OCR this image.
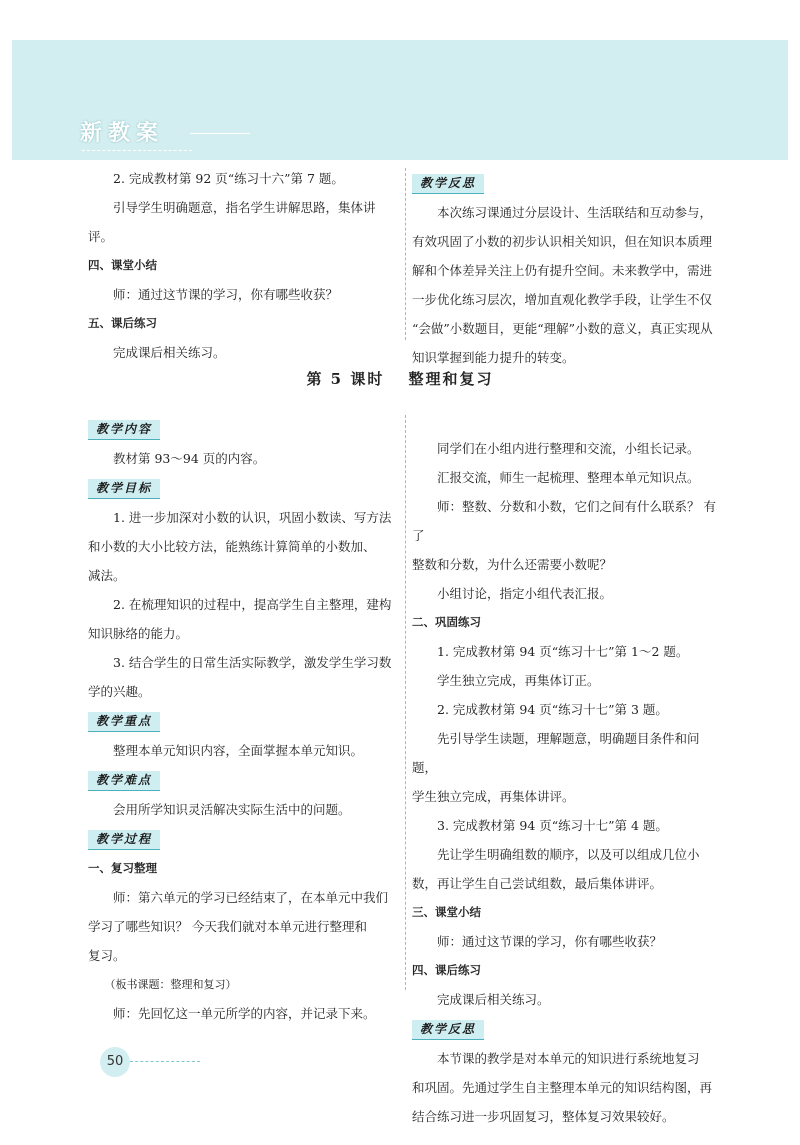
新教案

2. 完成教材第 92 页“练习十六”第 7 题。

引导学生明确题意，指名学生讲解思路，集体讲评。

四、课堂小结

师：通过这节课的学习，你有哪些收获？

五、课后练习

完成课后相关练习。

教学反思

本次练习课通过分层设计、生活联结和互动参与，

有效巩固了小数的初步认识相关知识，但在知识本质理

解和个体差异关注上仍有提升空间。未来教学中，需进

一步优化练习层次，增加直观化教学手段，让学生不仅

“会做”小数题目，更能“理解”小数的意义，真正实现从

知识掌握到能力提升的转变。

第 5 课时　 整理和复习
教学内容

教材第 93～94 页的内容。

教学目标

1. 进一步加深对小数的认识，巩固小数读、写方法

和小数的大小比较方法，能熟练计算简单的小数加、

减法。

2. 在梳理知识的过程中，提高学生自主整理，建构

知识脉络的能力。

3. 结合学生的日常生活实际教学，激发学生学习数

学的兴趣。

教学重点

整理本单元知识内容，全面掌握本单元知识。

教学难点

会用所学知识灵活解决实际生活中的问题。

教学过程

一、复习整理

师：第六单元的学习已经结束了，在本单元中我们

学习了哪些知识？ 今天我们就对本单元进行整理和

复习。

（板书课题：整理和复习）

师：先回忆这一单元所学的内容，并记录下来。

同学们在小组内进行整理和交流，小组长记录。

汇报交流，师生一起梳理、整理本单元知识点。

师：整数、分数和小数，它们之间有什么联系？ 有了

整数和分数，为什么还需要小数呢？

小组讨论，指定小组代表汇报。

二、巩固练习

1. 完成教材第 94 页“练习十七”第 1～2 题。

学生独立完成，再集体订正。

2. 完成教材第 94 页“练习十七”第 3 题。

先引导学生读题，理解题意，明确题目条件和问题，

学生独立完成，再集体讲评。

3. 完成教材第 94 页“练习十七”第 4 题。

先让学生明确组数的顺序，以及可以组成几位小

数，再让学生自己尝试组数，最后集体讲评。

三、课堂小结

师：通过这节课的学习，你有哪些收获？

四、课后练习

完成课后相关练习。

教学反思

本节课的教学是对本单元的知识进行系统地复习

和巩固。先通过学生自主整理本单元的知识结构图，再

结合练习进一步巩固复习，整体复习效果较好。

50
